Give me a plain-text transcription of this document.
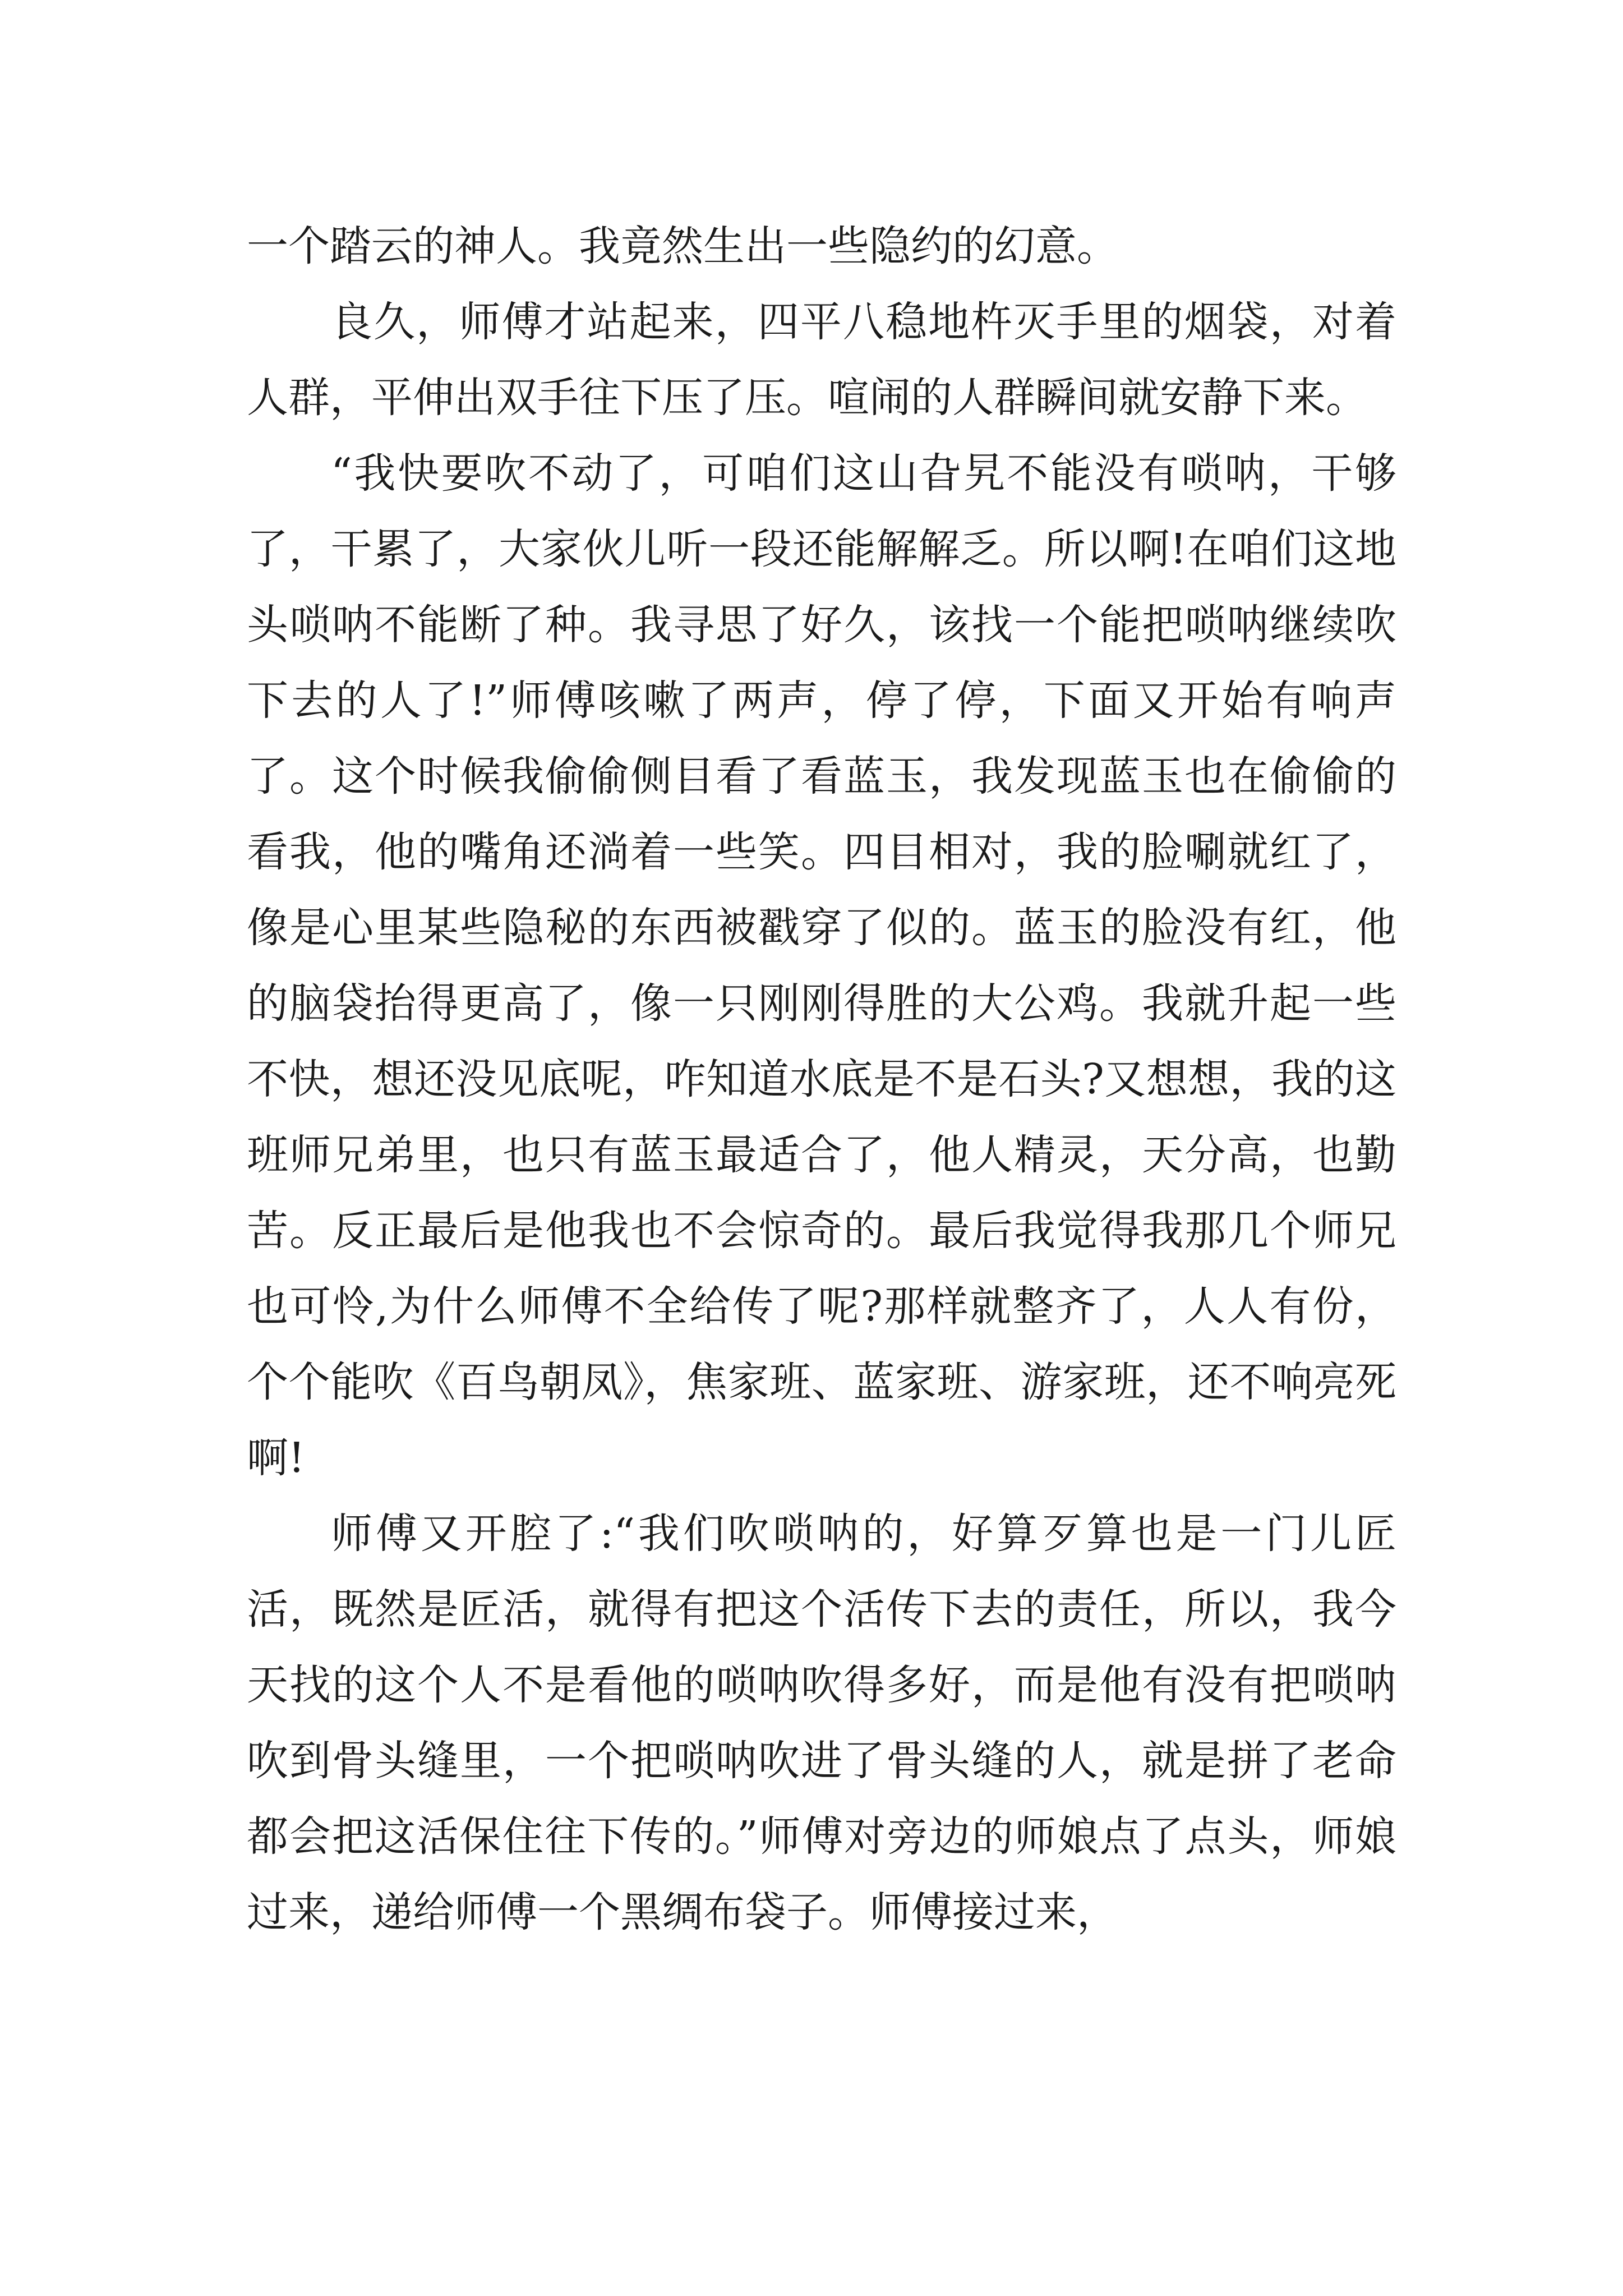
一个踏云的神人。我竟然生出一些隐约的幻意。

良久，师傅才站起来，四平八稳地杵灭手里的烟袋，对着人群，平伸出双手往下压了压。喧闹的人群瞬间就安静下来。

“我快要吹不动了，可咱们这山旮旯不能没有唢呐，干够了，干累了，大家伙儿听一段还能解解乏。所以啊!在咱们这地头唢呐不能断了种。我寻思了好久，该找一个能把唢呐继续吹下去的人了!”师傅咳嗽了两声，停了停，下面又开始有响声了。这个时候我偷偷侧目看了看蓝玉，我发现蓝玉也在偷偷的看我，他的嘴角还淌着一些笑。四目相对，我的脸唰就红了，像是心里某些隐秘的东西被戳穿了似的。蓝玉的脸没有红，他的脑袋抬得更高了，像一只刚刚得胜的大公鸡。我就升起一些不快，想还没见底呢，咋知道水底是不是石头?又想想，我的这班师兄弟里，也只有蓝玉最适合了，他人精灵，天分高，也勤苦。反正最后是他我也不会惊奇的。最后我觉得我那几个师兄也可怜,为什么师傅不全给传了呢?那样就整齐了，人人有份，个个能吹《百鸟朝凤》，焦家班、蓝家班、游家班，还不响亮死啊!

师傅又开腔了:“我们吹唢呐的，好算歹算也是一门儿匠活，既然是匠活，就得有把这个活传下去的责任，所以，我今天找的这个人不是看他的唢呐吹得多好，而是他有没有把唢呐吹到骨头缝里，一个把唢呐吹进了骨头缝的人，就是拼了老命都会把这活保住往下传的。”师傅对旁边的师娘点了点头，师娘过来，递给师傅一个黑绸布袋子。师傅接过来，
